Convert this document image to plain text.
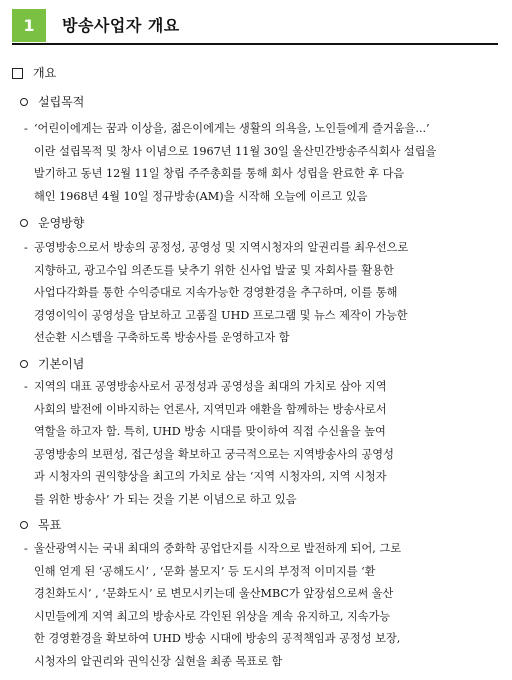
1	방송사업자 개요
개요
설립목적
- ‘어린이에게는 꿈과 이상을, 젊은이에게는 생활의 의욕을, 노인들에게 즐거움을...’
이란 설립목적 및 창사 이념으로 1967년 11월 30일 울산민간방송주식회사 설립을
발기하고 동년 12월 11일 창립 주주총회를 통해 회사 성립을 완료한 후 다음
해인 1968년 4월 10일 정규방송(AM)을 시작해 오늘에 이르고 있음
운영방향
- 공영방송으로서 방송의 공정성, 공영성 및 지역시청자의 알권리를 최우선으로
지향하고, 광고수입 의존도를 낮추기 위한 신사업 발굴 및 자회사를 활용한
사업다각화를 통한 수익증대로 지속가능한 경영환경을 추구하며, 이를 통해
경영이익이 공영성을 담보하고 고품질 UHD 프로그램 및 뉴스 제작이 가능한
선순환 시스템을 구축하도록 방송사를 운영하고자 함
기본이념
- 지역의 대표 공영방송사로서 공정성과 공영성을 최대의 가치로 삼아 지역
사회의 발전에 이바지하는 언론사, 지역민과 애환을 함께하는 방송사로서
역할을 하고자 함. 특히, UHD 방송 시대를 맞이하여 직접 수신율을 높여
공영방송의 보편성, 접근성을 확보하고 궁극적으로는 지역방송사의 공영성
과 시청자의 권익향상을 최고의 가치로 삼는 ‘지역 시청자의, 지역 시청자
를 위한 방송사’ 가 되는 것을 기본 이념으로 하고 있음
목표
- 울산광역시는 국내 최대의 중화학 공업단지를 시작으로 발전하게 되어, 그로
인해 얻게 된 ‘공해도시’ , ‘문화 불모지’ 등 도시의 부정적 이미지를 ‘환
경친화도시’ , ‘문화도시’ 로 변모시키는데 울산MBC가 앞장섬으로써 울산
시민들에게 지역 최고의 방송사로 각인된 위상을 계속 유지하고, 지속가능
한 경영환경을 확보하여 UHD 방송 시대에 방송의 공적책임과 공정성 보장,
시청자의 알권리와 권익신장 실현을 최종 목표로 함
